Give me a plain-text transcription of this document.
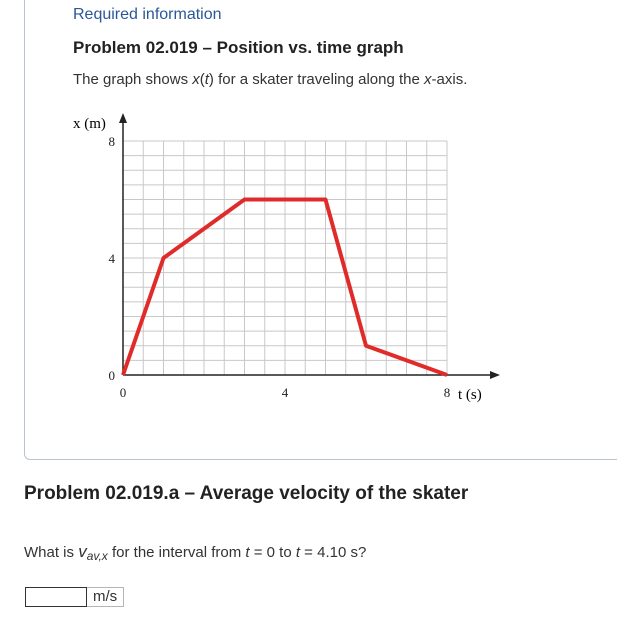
Required information
Problem 02.019 – Position vs. time graph
The graph shows x(t) for a skater traveling along the x-axis.
0	4	8
0
4
8
x (m)
t (s)
Problem 02.019.a – Average velocity of the skater
What is $v_{av,x}$ for the interval from t = 0 to t = 4.10 s?
m/s
